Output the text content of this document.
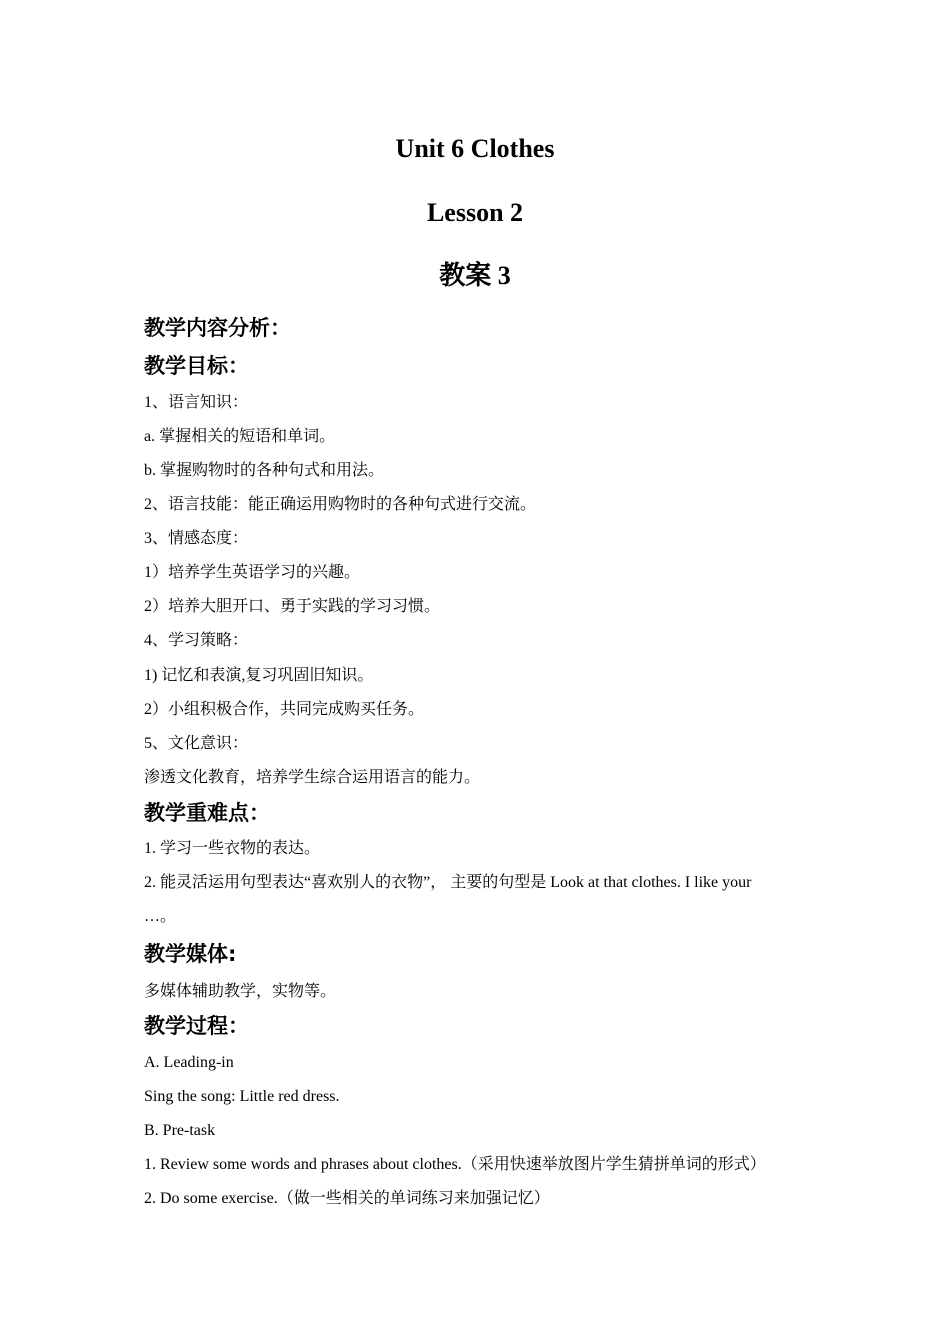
Unit 6 Clothes
Lesson 2
教案 3
教学内容分析：
教学目标：
1、语言知识：
a. 掌握相关的短语和单词。
b. 掌握购物时的各种句式和用法。
2、语言技能：能正确运用购物时的各种句式进行交流。
3、情感态度：
1）培养学生英语学习的兴趣。
2）培养大胆开口、勇于实践的学习习惯。
4、学习策略：
1) 记忆和表演,复习巩固旧知识。
2）小组积极合作，共同完成购买任务。
5、文化意识：
渗透文化教育，培养学生综合运用语言的能力。
教学重难点：
1. 学习一些衣物的表达。
2. 能灵活运用句型表达“喜欢别人的衣物”， 主要的句型是 Look at that clothes. I like your
…。
教学媒体:
多媒体辅助教学，实物等。
教学过程：
A. Leading-in
Sing the song: Little red dress.
B. Pre-task
1. Review some words and phrases about clothes.（采用快速举放图片学生猜拼单词的形式）
2. Do some exercise.（做一些相关的单词练习来加强记忆）
